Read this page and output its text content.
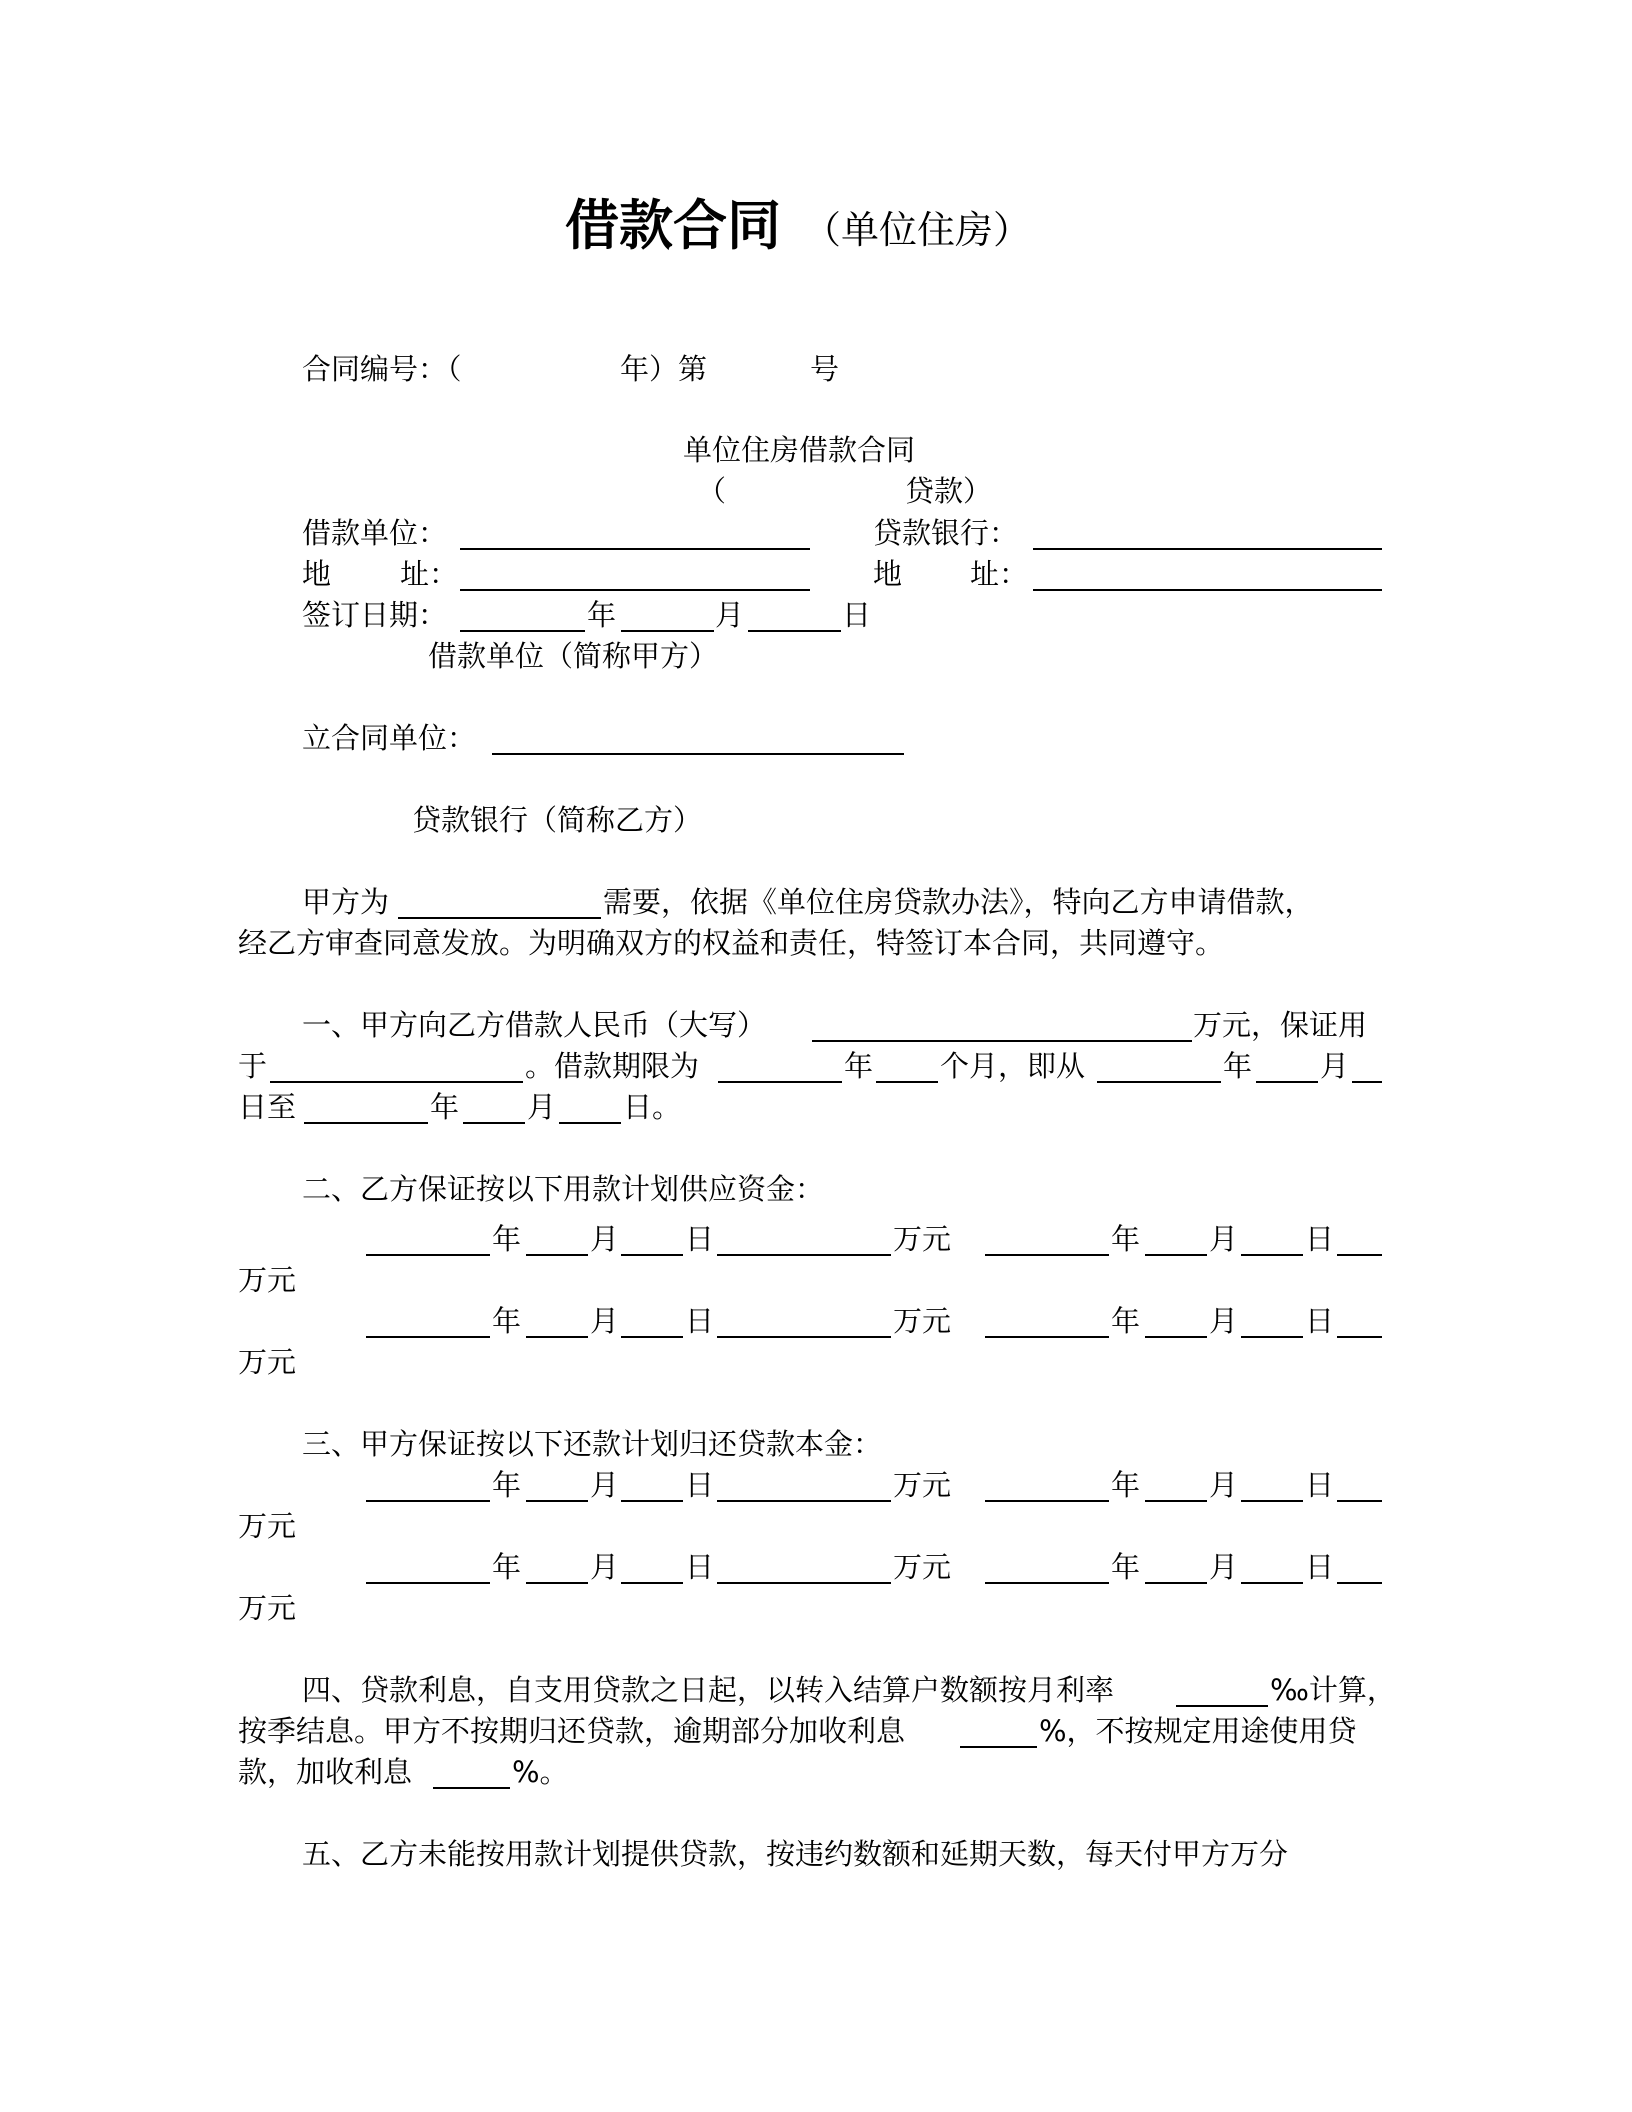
借款合同 （单位住房）
合同编号：（	年）第	号
单位住房借款合同
（	贷款）
借款单位：	贷款银行：
地 址：	地 址：
签订日期：	年	月	日
借款单位（简称甲方）
立合同单位：
贷款银行（简称乙方）
甲方为	需要，依据《单位住房贷款办法》，特向乙方申请借款，
经乙方审查同意发放。为明确双方的权益和责任，特签订本合同，共同遵守。
一、甲方向乙方借款人民币（大写）	万元，保证用
于	。借款期限为	年 个月，即从	年 月
日至	年 月 日。
二、乙方保证按以下用款计划供应资金：
年 月 日	万元	年 月 日
万元
年 月 日	万元	年 月 日
万元
三、甲方保证按以下还款计划归还贷款本金：
年 月 日	万元	年 月 日
万元
年 月 日	万元	年 月 日
万元
四、贷款利息，自支用贷款之日起，以转入结算户数额按月利率	‰计算，
按季结息。甲方不按期归还贷款，逾期部分加收利息	%，不按规定用途使用贷
款，加收利息	%。
五、乙方未能按用款计划提供贷款，按违约数额和延期天数，每天付甲方万分
